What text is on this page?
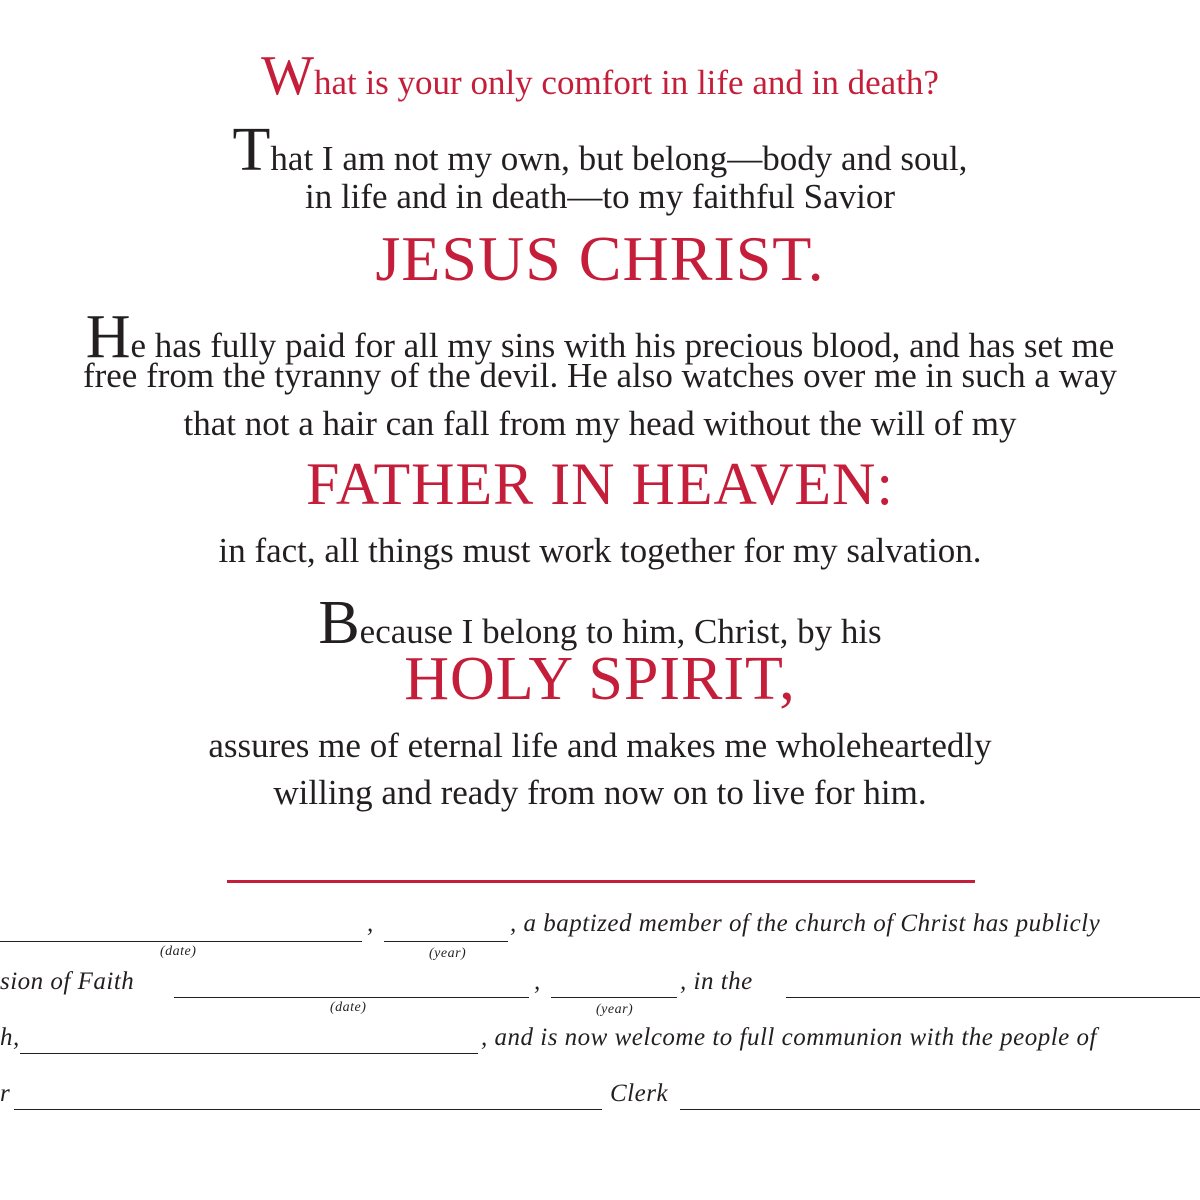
What is your only comfort in life and in death?
That I am not my own, but belong—body and soul,
in life and in death—to my faithful Savior
JESUS CHRIST.
He has fully paid for all my sins with his precious blood, and has set me
free from the tyranny of the devil. He also watches over me in such a way
that not a hair can fall from my head without the will of my
FATHER IN HEAVEN:
in fact, all things must work together for my salvation.
Because I belong to him, Christ, by his
HOLY SPIRIT,
assures me of eternal life and makes me wholeheartedly
willing and ready from now on to live for him.
,	, a baptized member of the church of Christ has publicly
(date)	(year)
sion of Faith	,	, in the
(date)	(year)
h,	, and is now welcome to full communion with the people of
r	Clerk
